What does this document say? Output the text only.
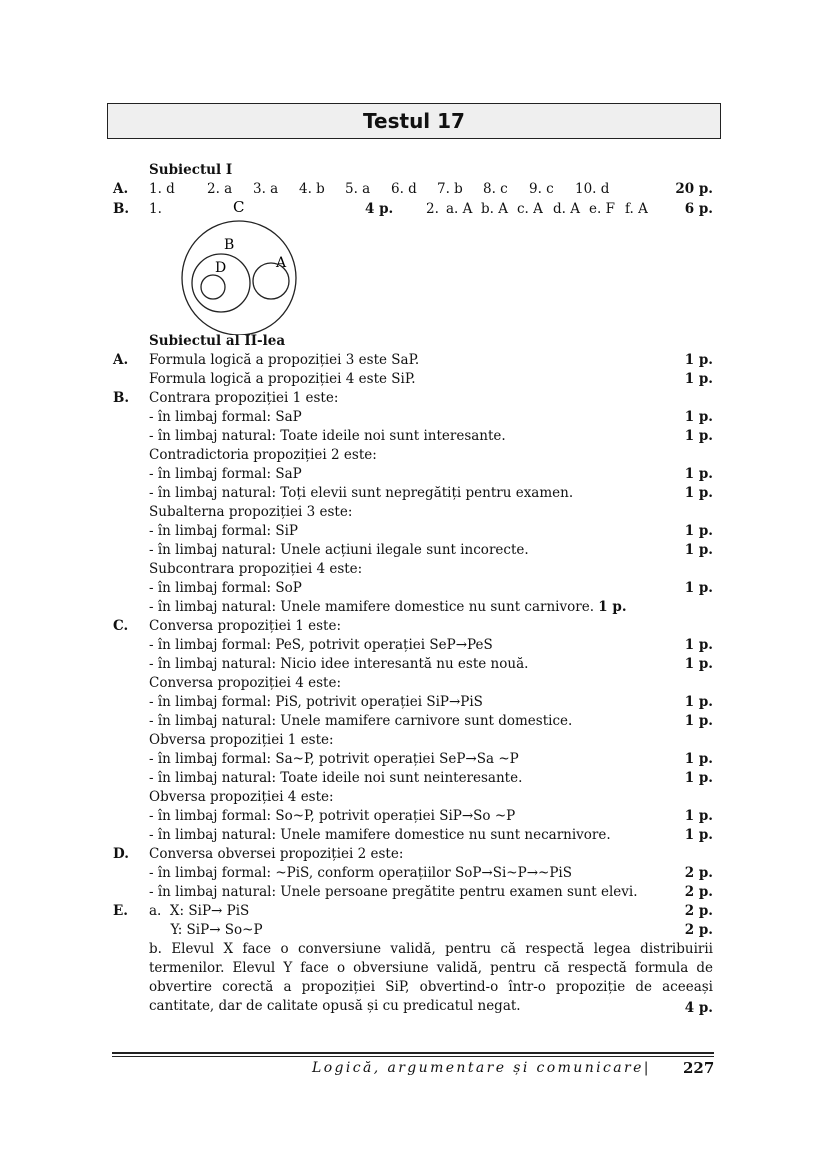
Testul 17
Subiectul I
A. 1. d 2. a 3. a 4. b 5. a 6. d 7. b 8. c 9. c 10. d	20 p.
B. 1.	4 p. 2. a. A b. A c. A d. A e. F f. A	6 p.
C
B
D	A
Subiectul al II-lea
A. Formula logică a propoziției 3 este SaP.	1 p.
Formula logică a propoziției 4 este SiP.	1 p.
B. Contrara propoziției 1 este:
- în limbaj formal: SaP	1 p.
- în limbaj natural: Toate ideile noi sunt interesante.	1 p.
Contradictoria propoziției 2 este:
- în limbaj formal: SaP	1 p.
- în limbaj natural: Toți elevii sunt nepregătiți pentru examen.	1 p.
Subalterna propoziției 3 este:
- în limbaj formal: SiP	1 p.
- în limbaj natural: Unele acțiuni ilegale sunt incorecte.	1 p.
Subcontrara propoziției 4 este:
- în limbaj formal: SoP	1 p.
- în limbaj natural: Unele mamifere domestice nu sunt carnivore. 1 p.
C. Conversa propoziției 1 este:
- în limbaj formal: PeS, potrivit operației SeP→PeS	1 p.
- în limbaj natural: Nicio idee interesantă nu este nouă.	1 p.
Conversa propoziției 4 este:
- în limbaj formal: PiS, potrivit operației SiP→PiS	1 p.
- în limbaj natural: Unele mamifere carnivore sunt domestice.	1 p.
Obversa propoziției 1 este:
- în limbaj formal: Sa~P, potrivit operației SeP→Sa ~P	1 p.
- în limbaj natural: Toate ideile noi sunt neinteresante.	1 p.
Obversa propoziției 4 este:
- în limbaj formal: So~P, potrivit operației SiP→So ~P	1 p.
- în limbaj natural: Unele mamifere domestice nu sunt necarnivore.	1 p.
D. Conversa obversei propoziției 2 este:
- în limbaj formal: ~PiS, conform operațiilor SoP→Si~P→~PiS	2 p.
- în limbaj natural: Unele persoane pregătite pentru examen sunt elevi.	2 p.
E. a.  X: SiP→ PiS	2 p.
Y: SiP→ So~P	2 p.
b. Elevul X face o conversiune validă, pentru că respectă legea distribuirii termenilor. Elevul Y face o obversiune validă, pentru că respectă formula de obvertire corectă a propoziției SiP, obvertind-o într-o propoziție de aceeași cantitate, dar de calitate opusă și cu predicatul negat.	4 p.
Logică, argumentare și comunicare| 227
